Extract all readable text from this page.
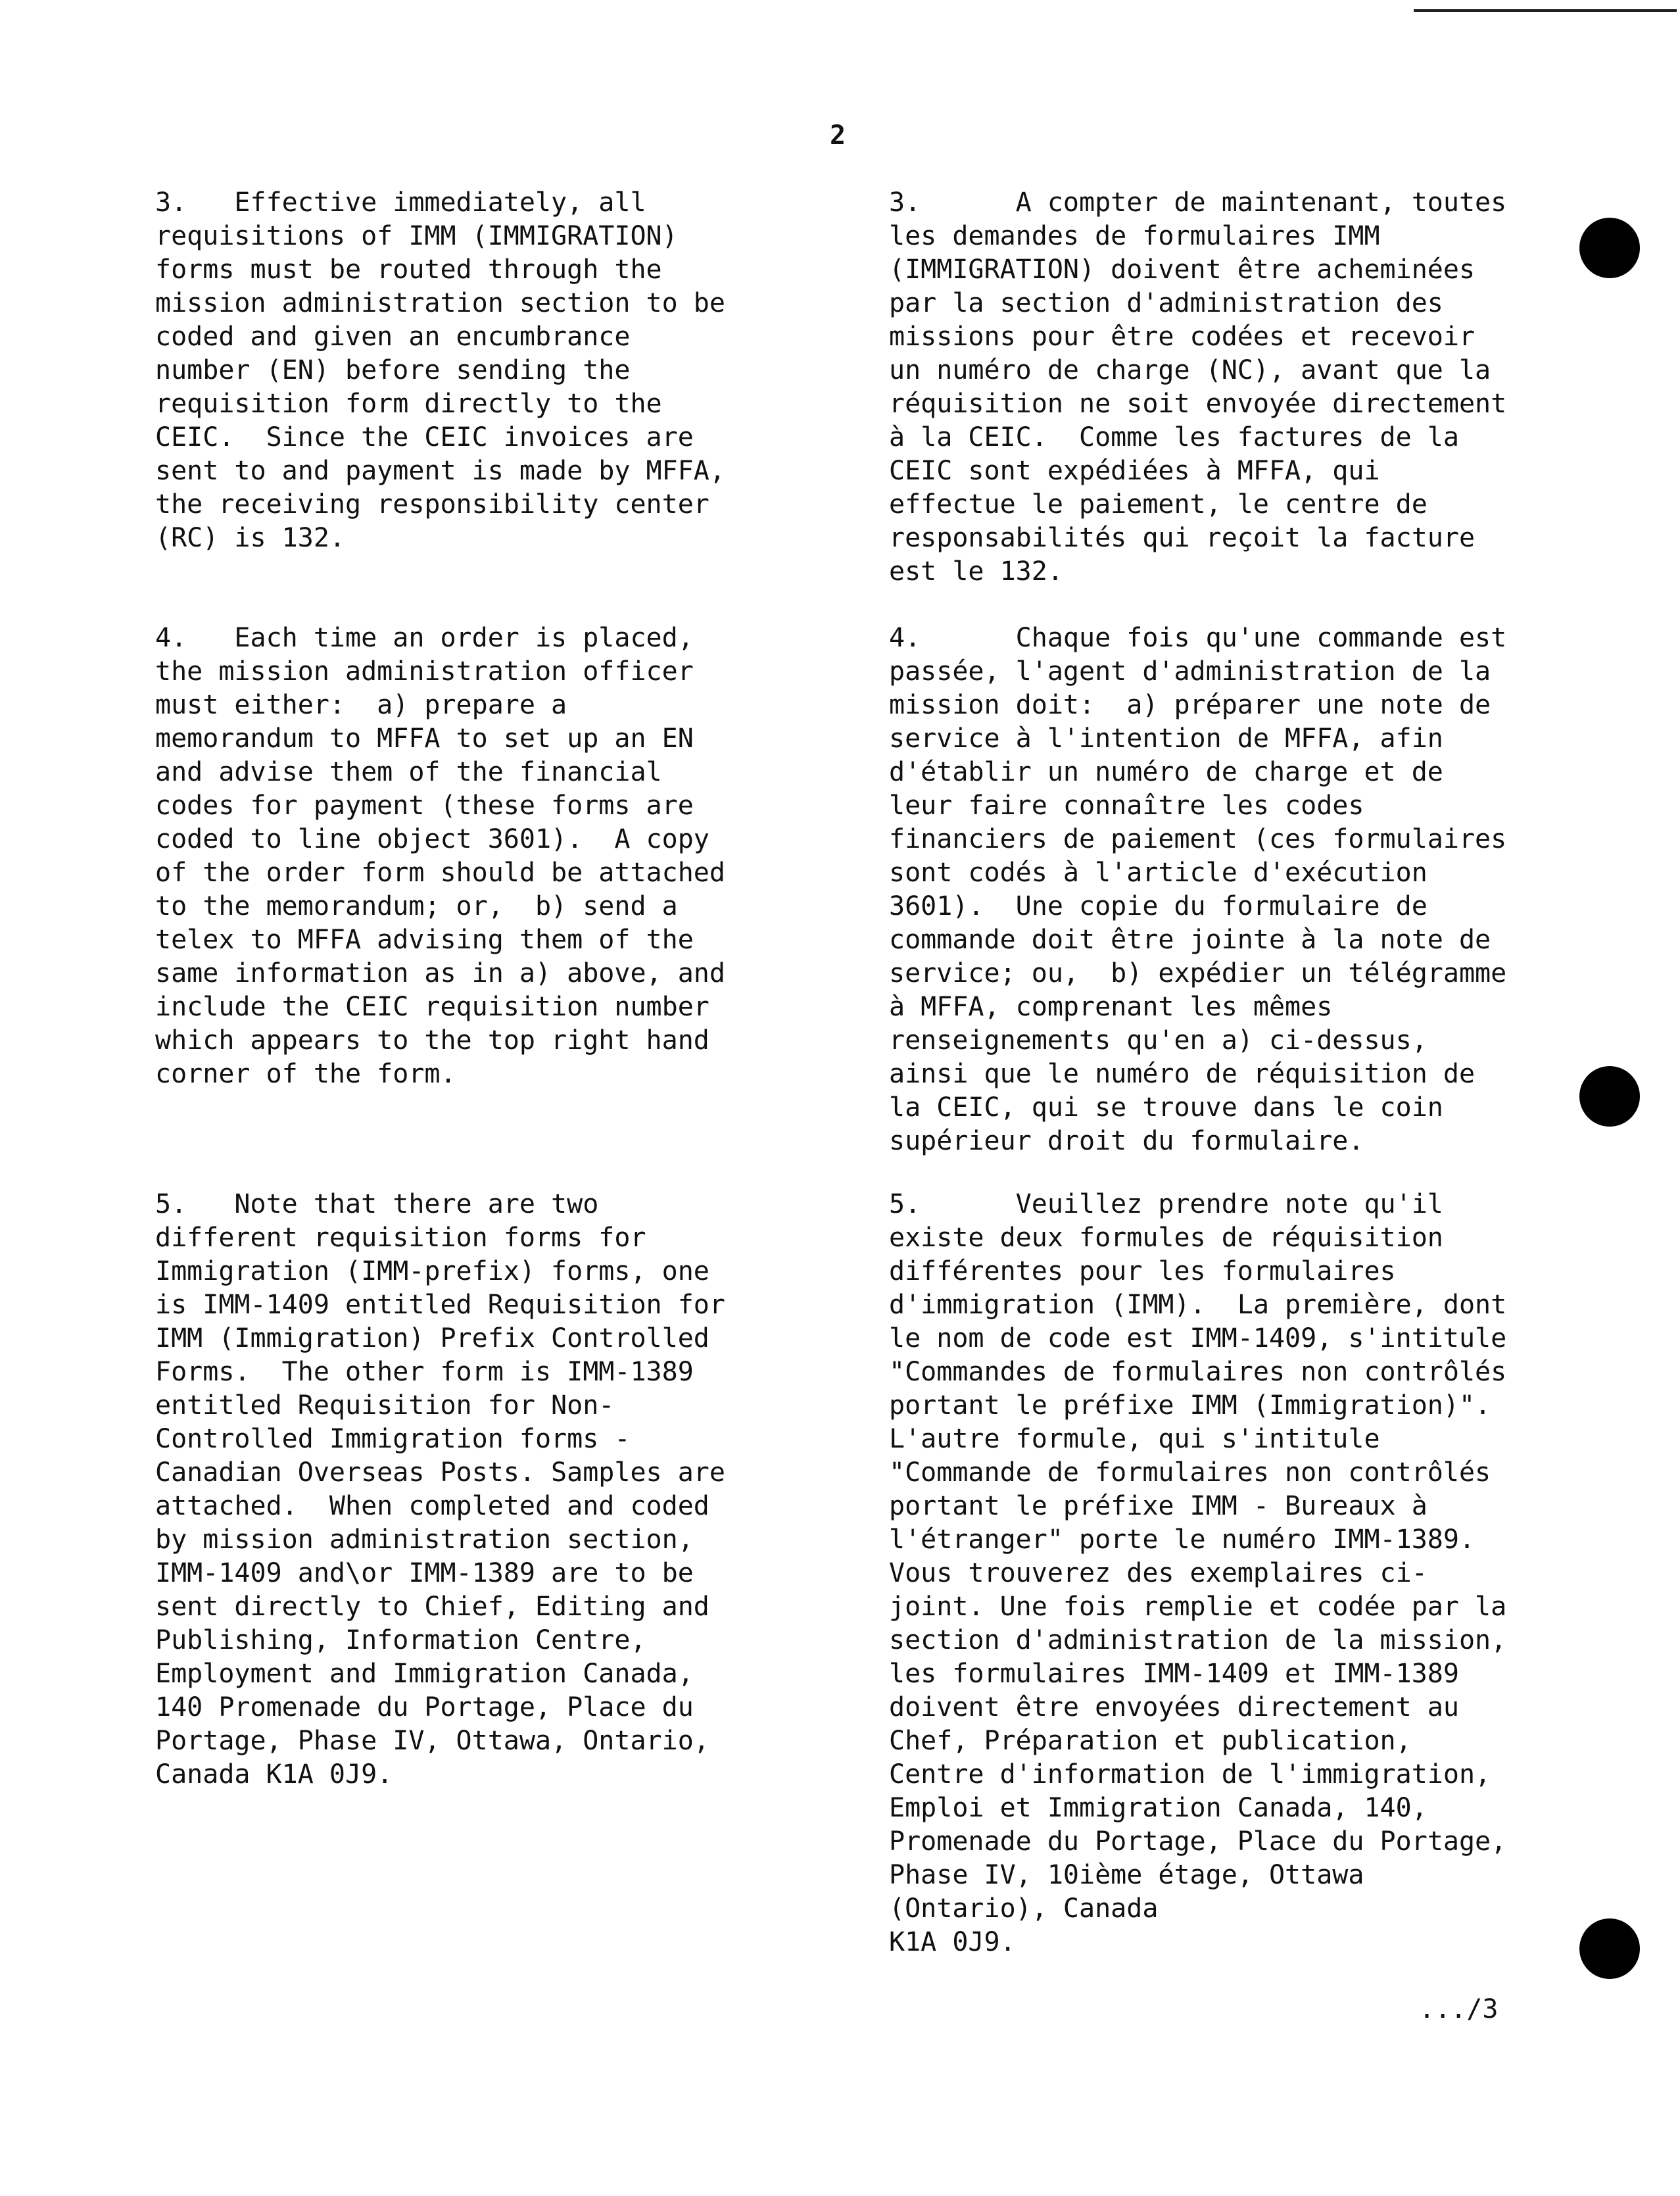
2

3.   Effective immediately, all
requisitions of IMM (IMMIGRATION)
forms must be routed through the
mission administration section to be
coded and given an encumbrance
number (EN) before sending the
requisition form directly to the
CEIC.  Since the CEIC invoices are
sent to and payment is made by MFFA,
the receiving responsibility center
(RC) is 132.

4.   Each time an order is placed,
the mission administration officer
must either:  a) prepare a
memorandum to MFFA to set up an EN
and advise them of the financial
codes for payment (these forms are
coded to line object 3601).  A copy
of the order form should be attached
to the memorandum; or,  b) send a
telex to MFFA advising them of the
same information as in a) above, and
include the CEIC requisition number
which appears to the top right hand
corner of the form.

5.   Note that there are two
different requisition forms for
Immigration (IMM-prefix) forms, one
is IMM-1409 entitled Requisition for
IMM (Immigration) Prefix Controlled
Forms.  The other form is IMM-1389
entitled Requisition for Non-
Controlled Immigration forms -
Canadian Overseas Posts. Samples are
attached.  When completed and coded
by mission administration section,
IMM-1409 and\or IMM-1389 are to be
sent directly to Chief, Editing and
Publishing, Information Centre,
Employment and Immigration Canada,
140 Promenade du Portage, Place du
Portage, Phase IV, Ottawa, Ontario,
Canada K1A 0J9.

3.      A compter de maintenant, toutes
les demandes de formulaires IMM
(IMMIGRATION) doivent être acheminées
par la section d'administration des
missions pour être codées et recevoir
un numéro de charge (NC), avant que la
réquisition ne soit envoyée directement
à la CEIC.  Comme les factures de la
CEIC sont expédiées à MFFA, qui
effectue le paiement, le centre de
responsabilités qui reçoit la facture
est le 132.

4.      Chaque fois qu'une commande est
passée, l'agent d'administration de la
mission doit:  a) préparer une note de
service à l'intention de MFFA, afin
d'établir un numéro de charge et de
leur faire connaître les codes
financiers de paiement (ces formulaires
sont codés à l'article d'exécution
3601).  Une copie du formulaire de
commande doit être jointe à la note de
service; ou,  b) expédier un télégramme
à MFFA, comprenant les mêmes
renseignements qu'en a) ci-dessus,
ainsi que le numéro de réquisition de
la CEIC, qui se trouve dans le coin
supérieur droit du formulaire.

5.      Veuillez prendre note qu'il
existe deux formules de réquisition
différentes pour les formulaires
d'immigration (IMM).  La première, dont
le nom de code est IMM-1409, s'intitule
"Commandes de formulaires non contrôlés
portant le préfixe IMM (Immigration)".
L'autre formule, qui s'intitule
"Commande de formulaires non contrôlés
portant le préfixe IMM - Bureaux à
l'étranger" porte le numéro IMM-1389.
Vous trouverez des exemplaires ci-
joint. Une fois remplie et codée par la
section d'administration de la mission,
les formulaires IMM-1409 et IMM-1389
doivent être envoyées directement au
Chef, Préparation et publication,
Centre d'information de l'immigration,
Emploi et Immigration Canada, 140,
Promenade du Portage, Place du Portage,
Phase IV, 10ième étage, Ottawa
(Ontario), Canada
K1A 0J9.

.../3
